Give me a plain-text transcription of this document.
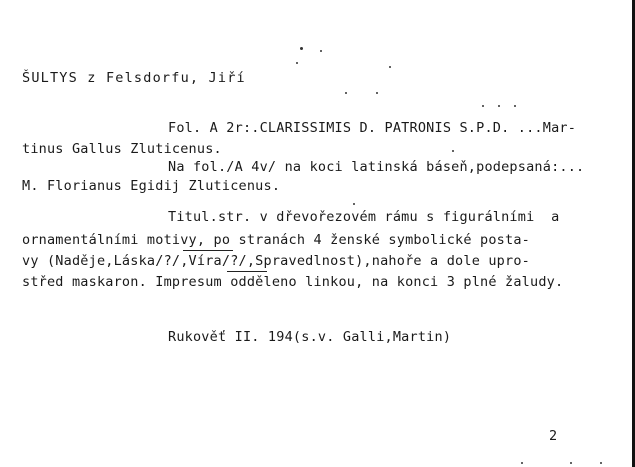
ŠULTYS z Felsdorfu, Jiří
Fol. A 2r:.CLARISSIMIS D. PATRONIS S.P.D. ...Mar-
tinus Gallus Zluticenus.
Na fol./A 4v/ na koci latinská báseň,podepsaná:...
M. Florianus Egidij Zluticenus.
Titul.str. v dřevořezovém rámu s figurálními  a
ornamentálními motivy, po stranách 4 ženské symbolické posta-
vy (Naděje,Láska/?/,Víra/?/,Spravedlnost),nahoře a dole upro-
střed maskaron. Impresum odděleno linkou, na konci 3 plné žaludy.
Rukověť II. 194(s.v. Galli,Martin)
2
